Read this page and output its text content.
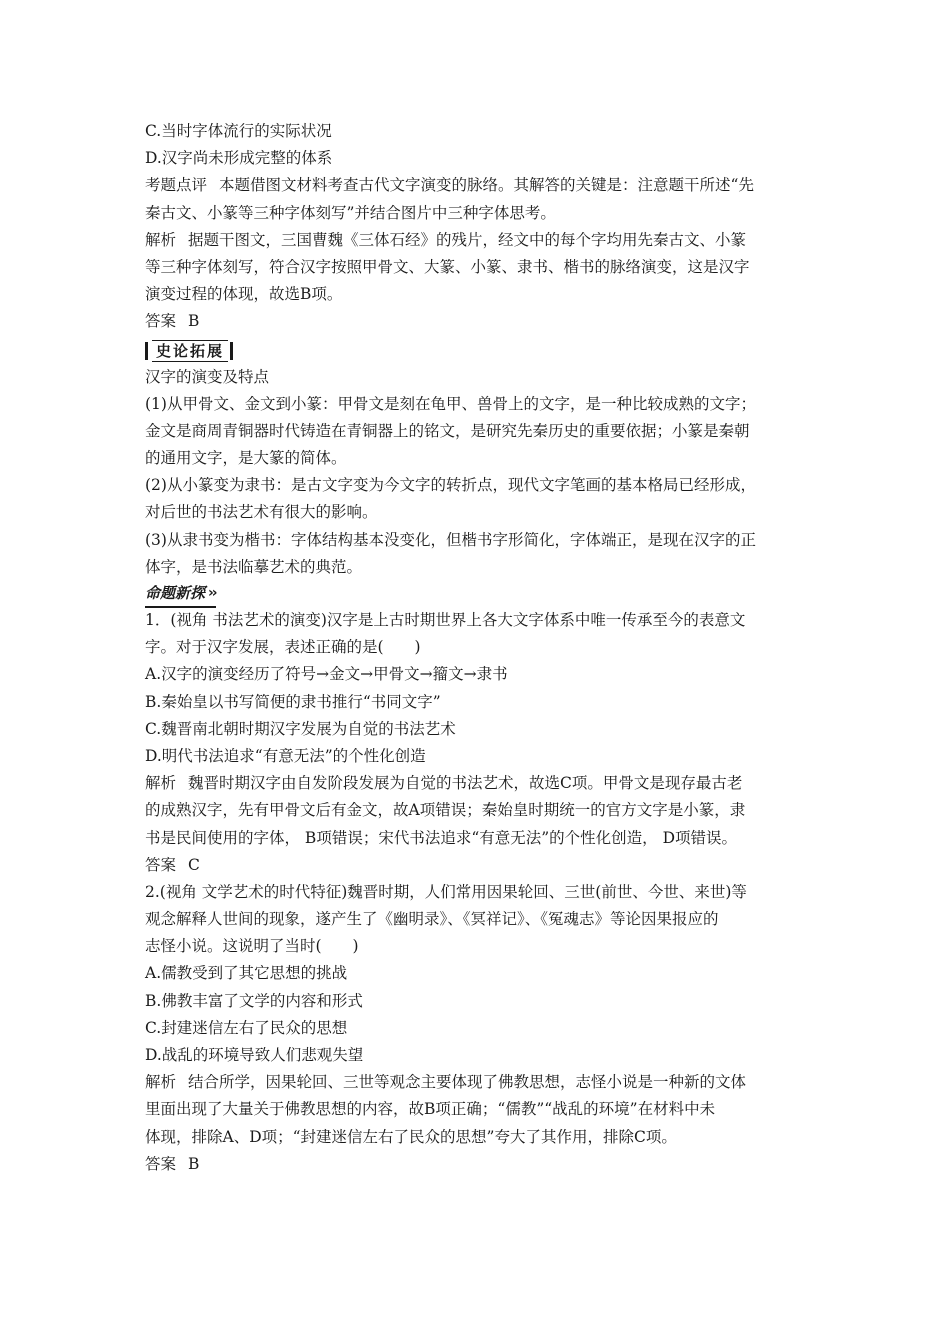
C.当时字体流行的实际状况
D.汉字尚未形成完整的体系
考题点评 本题借图文材料考查古代文字演变的脉络。其解答的关键是：注意题干所述“先
秦古文、小篆等三种字体刻写”并结合图片中三种字体思考。
解析 据题干图文，三国曹魏《三体石经》的残片，经文中的每个字均用先秦古文、小篆
等三种字体刻写，符合汉字按照甲骨文、大篆、小篆、隶书、楷书的脉络演变，这是汉字
演变过程的体现，故选B项。
答案 B
史论拓展
汉字的演变及特点
(1)从甲骨文、金文到小篆：甲骨文是刻在龟甲、兽骨上的文字，是一种比较成熟的文字；
金文是商周青铜器时代铸造在青铜器上的铭文，是研究先秦历史的重要依据；小篆是秦朝
的通用文字，是大篆的简体。
(2)从小篆变为隶书：是古文字变为今文字的转折点，现代文字笔画的基本格局已经形成，
对后世的书法艺术有很大的影响。
(3)从隶书变为楷书：字体结构基本没变化，但楷书字形简化，字体端正，是现在汉字的正
体字，是书法临摹艺术的典范。
命题新探 ››
1．(视角 书法艺术的演变)汉字是上古时期世界上各大文字体系中唯一传承至今的表意文
字。对于汉字发展，表述正确的是(　　)
A.汉字的演变经历了符号→金文→甲骨文→籀文→隶书
B.秦始皇以书写简便的隶书推行“书同文字”
C.魏晋南北朝时期汉字发展为自觉的书法艺术
D.明代书法追求“有意无法”的个性化创造
解析 魏晋时期汉字由自发阶段发展为自觉的书法艺术，故选C项。甲骨文是现存最古老
的成熟汉字，先有甲骨文后有金文，故A项错误；秦始皇时期统一的官方文字是小篆，隶
书是民间使用的字体， B项错误；宋代书法追求“有意无法”的个性化创造， D项错误。
答案 C
2.(视角 文学艺术的时代特征)魏晋时期，人们常用因果轮回、三世(前世、今世、来世)等
观念解释人世间的现象，遂产生了《幽明录》、《冥祥记》、《冤魂志》等论因果报应的
志怪小说。这说明了当时(　　)
A.儒教受到了其它思想的挑战
B.佛教丰富了文学的内容和形式
C.封建迷信左右了民众的思想
D.战乱的环境导致人们悲观失望
解析 结合所学，因果轮回、三世等观念主要体现了佛教思想，志怪小说是一种新的文体
里面出现了大量关于佛教思想的内容，故B项正确；“儒教”“战乱的环境”在材料中未
体现，排除A、D项；“封建迷信左右了民众的思想”夸大了其作用，排除C项。
答案 B
